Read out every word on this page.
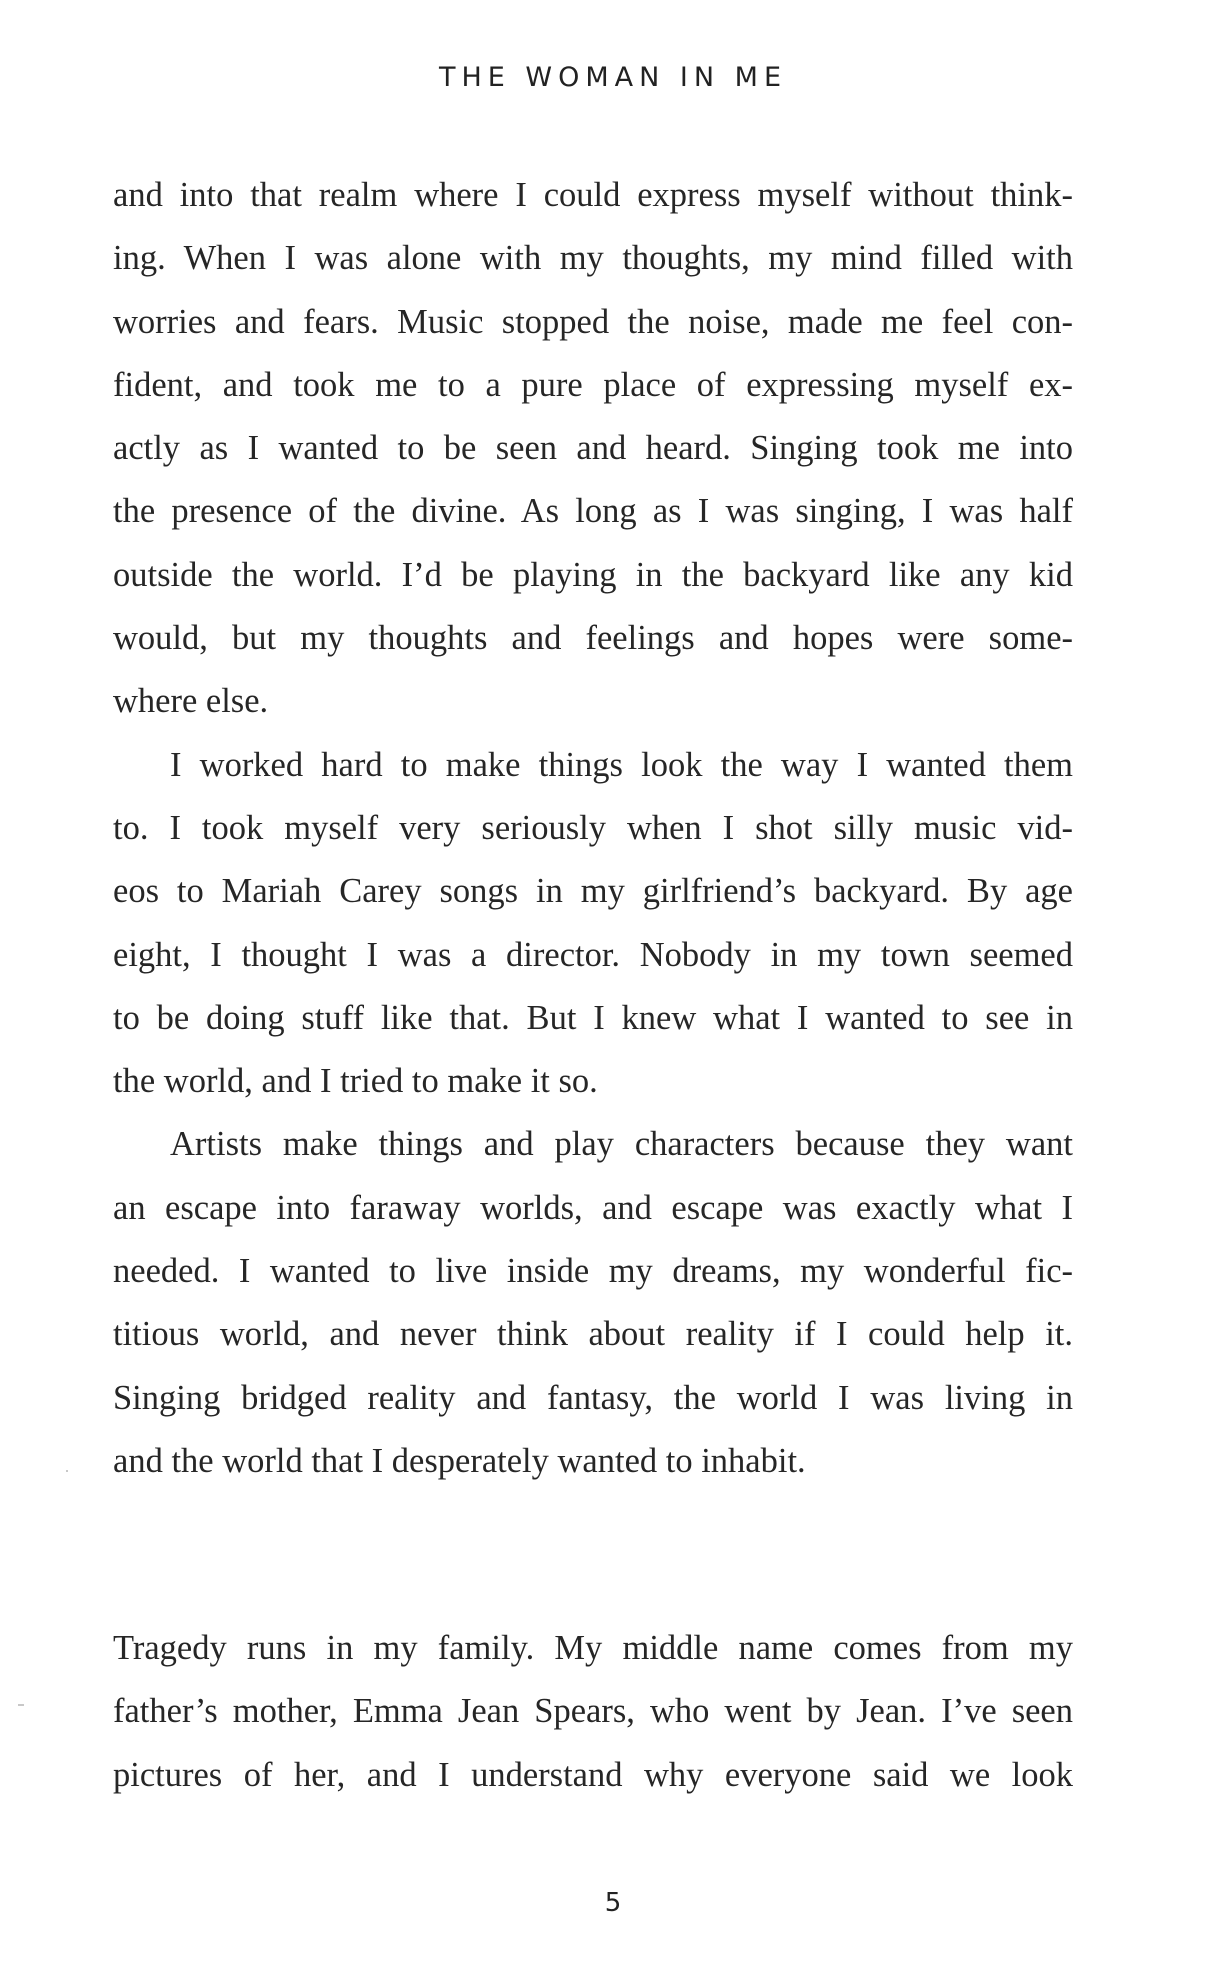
THE WOMAN IN ME
and into that realm where I could express myself without think-
ing. When I was alone with my thoughts, my mind filled with
worries and fears. Music stopped the noise, made me feel con-
fident, and took me to a pure place of expressing myself ex-
actly as I wanted to be seen and heard. Singing took me into
the presence of the divine. As long as I was singing, I was half
outside the world. I’d be playing in the backyard like any kid
would, but my thoughts and feelings and hopes were some-
where else.
I worked hard to make things look the way I wanted them
to. I took myself very seriously when I shot silly music vid-
eos to Mariah Carey songs in my girlfriend’s backyard. By age
eight, I thought I was a director. Nobody in my town seemed
to be doing stuff like that. But I knew what I wanted to see in
the world, and I tried to make it so.
Artists make things and play characters because they want
an escape into faraway worlds, and escape was exactly what I
needed. I wanted to live inside my dreams, my wonderful fic-
titious world, and never think about reality if I could help it.
Singing bridged reality and fantasy, the world I was living in
and the world that I desperately wanted to inhabit.
Tragedy runs in my family. My middle name comes from my
father’s mother, Emma Jean Spears, who went by Jean. I’ve seen
pictures of her, and I understand why everyone said we look
5
